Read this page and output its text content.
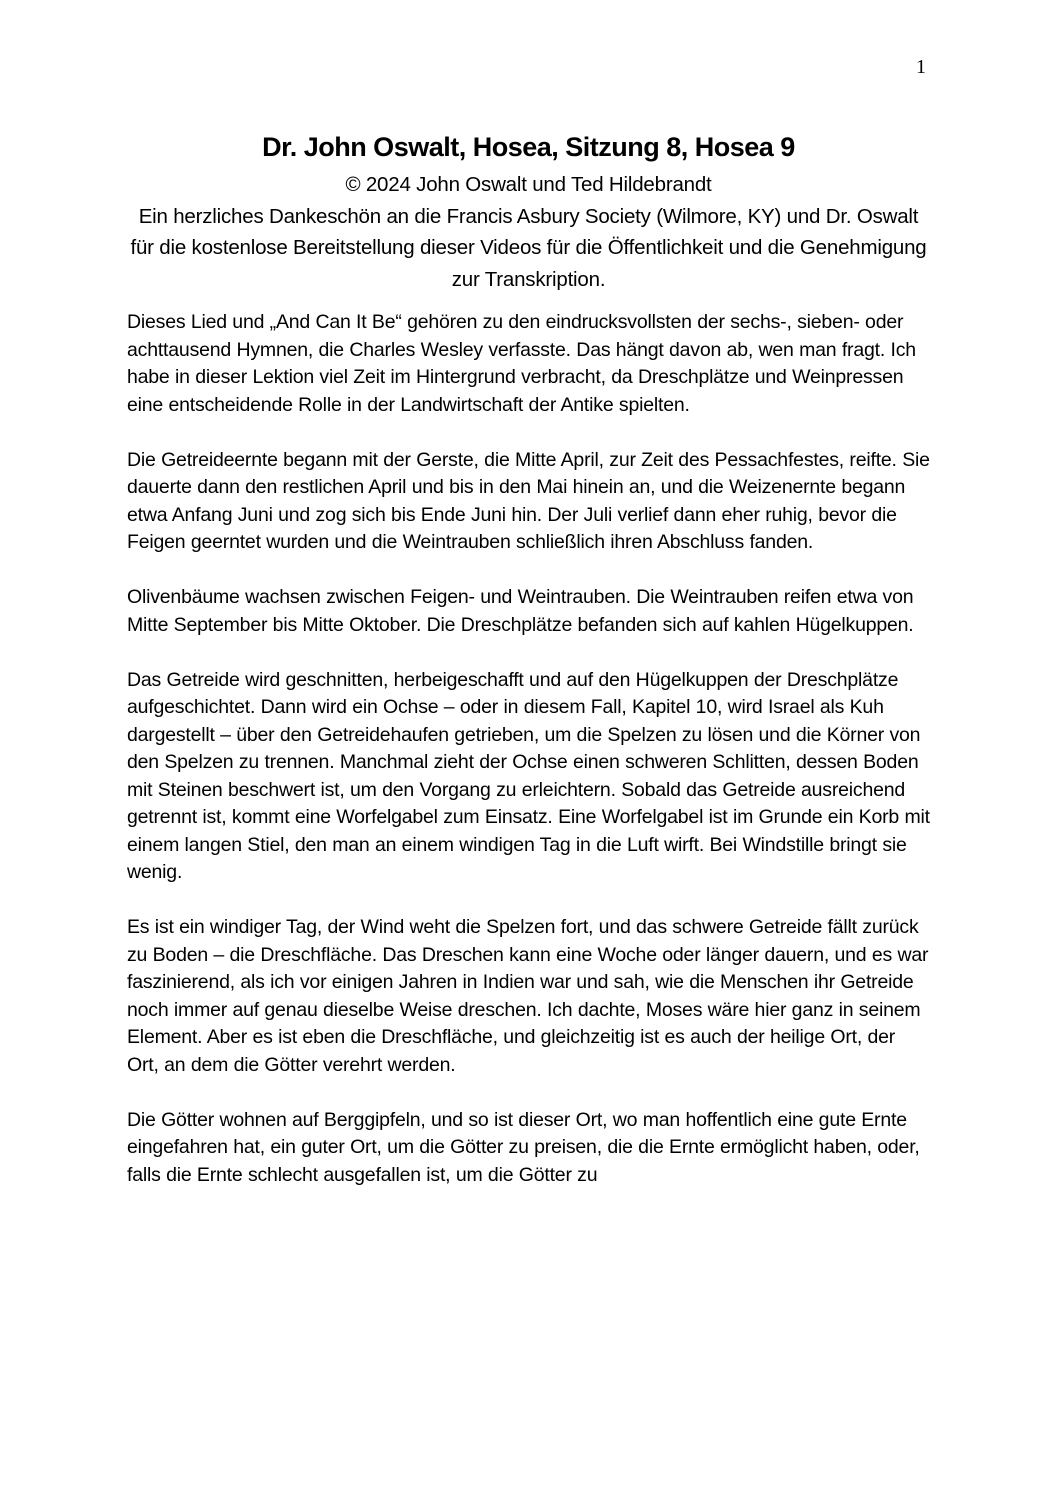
1
Dr. John Oswalt, Hosea, Sitzung 8, Hosea 9

© 2024 John Oswalt und Ted Hildebrandt

Ein herzliches Dankeschön an die Francis Asbury Society (Wilmore, KY) und Dr. Oswalt für die kostenlose Bereitstellung dieser Videos für die Öffentlichkeit und die Genehmigung zur Transkription.

Dieses Lied und „And Can It Be“ gehören zu den eindrucksvollsten der sechs-, sieben- oder achttausend Hymnen, die Charles Wesley verfasste. Das hängt davon ab, wen man fragt. Ich habe in dieser Lektion viel Zeit im Hintergrund verbracht, da Dreschplätze und Weinpressen eine entscheidende Rolle in der Landwirtschaft der Antike spielten.

Die Getreideernte begann mit der Gerste, die Mitte April, zur Zeit des Pessachfestes, reifte. Sie dauerte dann den restlichen April und bis in den Mai hinein an, und die Weizenernte begann etwa Anfang Juni und zog sich bis Ende Juni hin. Der Juli verlief dann eher ruhig, bevor die Feigen geerntet wurden und die Weintrauben schließlich ihren Abschluss fanden.

Olivenbäume wachsen zwischen Feigen- und Weintrauben. Die Weintrauben reifen etwa von Mitte September bis Mitte Oktober. Die Dreschplätze befanden sich auf kahlen Hügelkuppen.

Das Getreide wird geschnitten, herbeigeschafft und auf den Hügelkuppen der Dreschplätze aufgeschichtet. Dann wird ein Ochse – oder in diesem Fall, Kapitel 10, wird Israel als Kuh dargestellt – über den Getreidehaufen getrieben, um die Spelzen zu lösen und die Körner von den Spelzen zu trennen. Manchmal zieht der Ochse einen schweren Schlitten, dessen Boden mit Steinen beschwert ist, um den Vorgang zu erleichtern. Sobald das Getreide ausreichend getrennt ist, kommt eine Worfelgabel zum Einsatz. Eine Worfelgabel ist im Grunde ein Korb mit einem langen Stiel, den man an einem windigen Tag in die Luft wirft. Bei Windstille bringt sie wenig.

Es ist ein windiger Tag, der Wind weht die Spelzen fort, und das schwere Getreide fällt zurück zu Boden – die Dreschfläche. Das Dreschen kann eine Woche oder länger dauern, und es war faszinierend, als ich vor einigen Jahren in Indien war und sah, wie die Menschen ihr Getreide noch immer auf genau dieselbe Weise dreschen. Ich dachte, Moses wäre hier ganz in seinem Element. Aber es ist eben die Dreschfläche, und gleichzeitig ist es auch der heilige Ort, der Ort, an dem die Götter verehrt werden.

Die Götter wohnen auf Berggipfeln, und so ist dieser Ort, wo man hoffentlich eine gute Ernte eingefahren hat, ein guter Ort, um die Götter zu preisen, die die Ernte ermöglicht haben, oder, falls die Ernte schlecht ausgefallen ist, um die Götter zu
